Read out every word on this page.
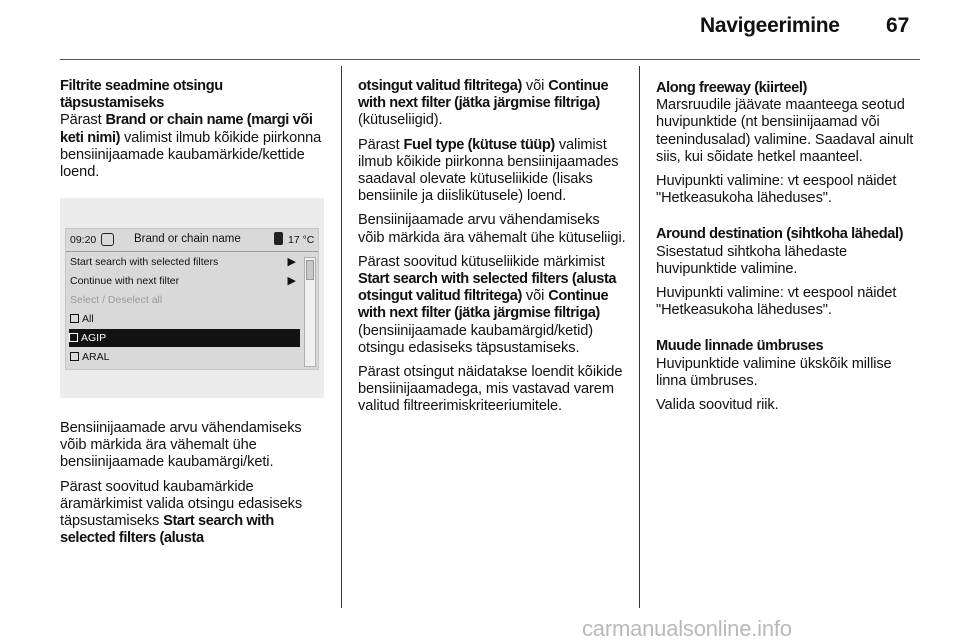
Navigeerimine 67
Filtrite seadmine otsingu täpsustamiseks

Pärast Brand or chain name (margi või keti nimi) valimist ilmub kõikide piirkonna bensiinijaamade kaubamärkide/kettide loend.

09:20	Brand or chain name	17 °C
Start search with selected filters	▶
Continue with next filter	▶
Select / Deselect all
All
AGIP
ARAL

Bensiinijaamade arvu vähendamiseks võib märkida ära vähemalt ühe bensiinijaamade kaubamärgi/keti.

Pärast soovitud kaubamärkide äramärkimist valida otsingu edasiseks täpsustamiseks Start search with selected filters (alusta

otsingut valitud filtritega) või Continue with next filter (jätka järgmise filtriga) (kütuseliigid).

Pärast Fuel type (kütuse tüüp) valimist ilmub kõikide piirkonna bensiinijaamades saadaval olevate kütuseliikide (lisaks bensiinile ja diislikütusele) loend.

Bensiinijaamade arvu vähendamiseks võib märkida ära vähemalt ühe kütuseliigi.

Pärast soovitud kütuseliikide märkimist Start search with selected filters (alusta otsingut valitud filtritega) või Continue with next filter (jätka järgmise filtriga) (bensiinijaamade kaubamärgid/ketid) otsingu edasiseks täpsustamiseks.

Pärast otsingut näidatakse loendit kõikide bensiinijaamadega, mis vastavad varem valitud filtreerimiskriteeriumitele.

Along freeway (kiirteel)

Marsruudile jäävate maanteega seotud huvipunktide (nt bensiinijaamad või teenindusalad) valimine. Saadaval ainult siis, kui sõidate hetkel maanteel.

Huvipunkti valimine: vt eespool näidet "Hetkeasukoha läheduses".

Around destination (sihtkoha lähedal)

Sisestatud sihtkoha lähedaste huvipunktide valimine.

Huvipunkti valimine: vt eespool näidet "Hetkeasukoha läheduses".

Muude linnade ümbruses

Huvipunktide valimine ükskõik millise linna ümbruses.

Valida soovitud riik.

carmanualsonline.info
